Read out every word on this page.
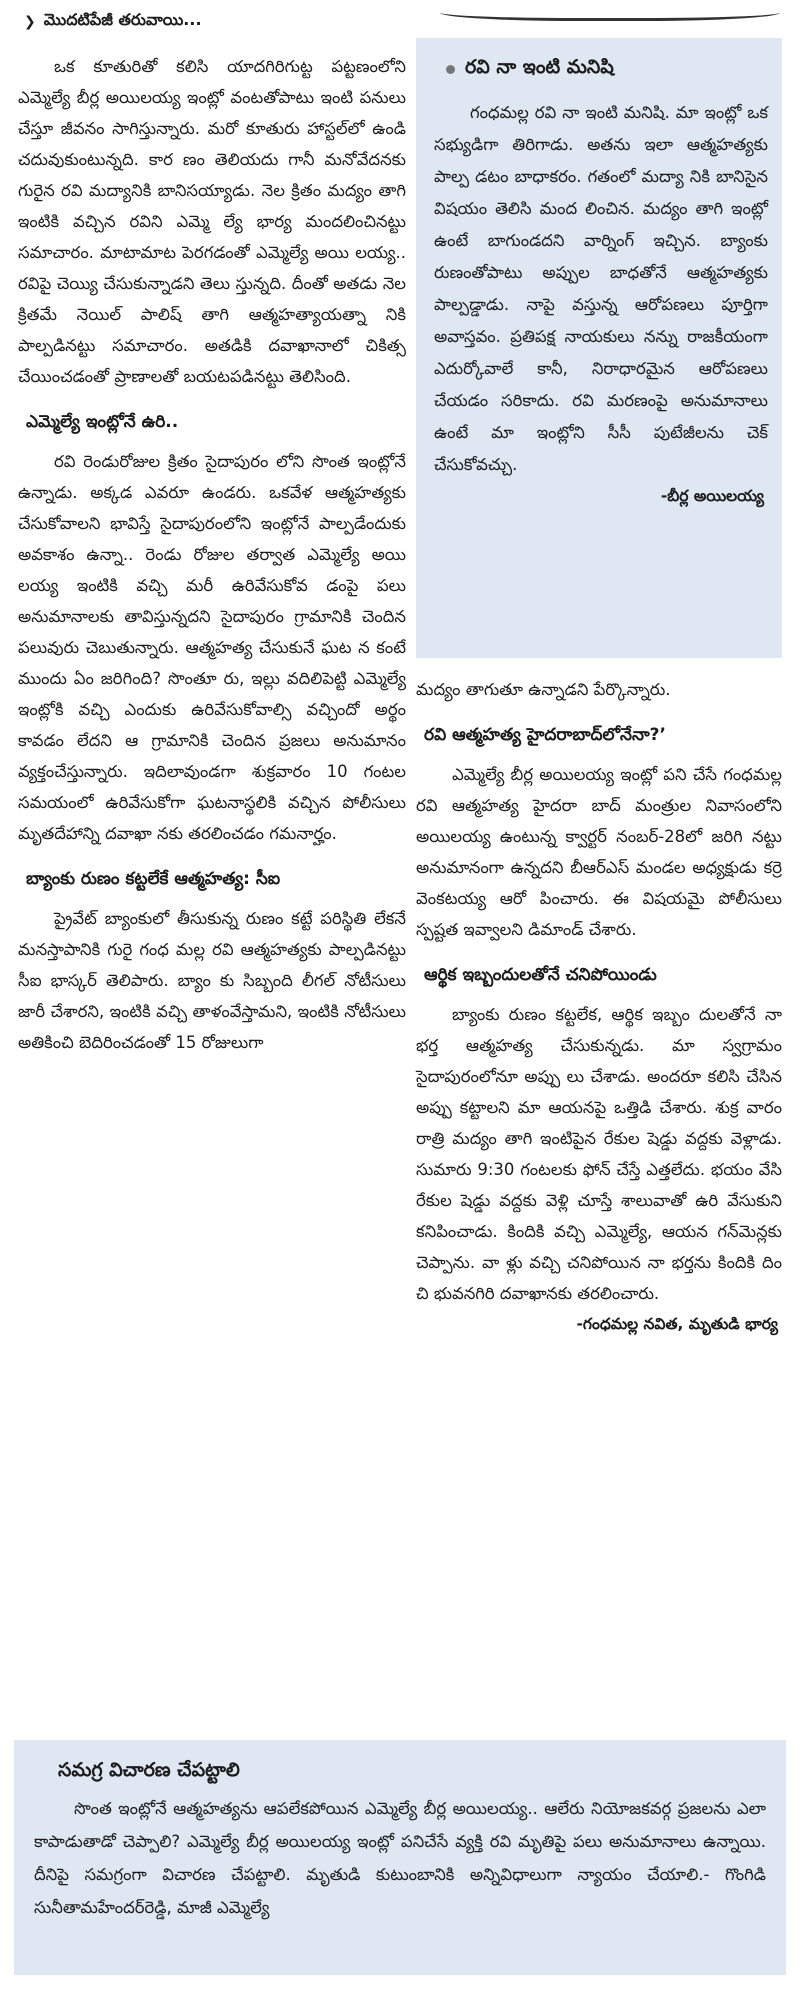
❯ మొదటిపేజీ తరువాయి...

ఒక కూతురితో కలిసి యాదగిరిగుట్ట పట్టణంలోని ఎమ్మెల్యే బీర్ల అయిలయ్య ఇంట్లో వంటతోపాటు ఇంటి పనులు చేస్తూ జీవనం సాగిస్తున్నారు. మరో కూతురు హాస్టల్‌లో ఉండి చదువుకుంటున్నది. కార ణం తెలియదు గానీ మనోవేదనకు గురైన రవి మద్యానికి బానిసయ్యాడు. నెల క్రితం మద్యం తాగి ఇంటికి వచ్చిన రవిని ఎమ్మె ల్యే భార్య మందలించినట్టు సమాచారం. మాటామాట పెరగడంతో ఎమ్మెల్యే అయి లయ్య.. రవిపై చెయ్యి చేసుకున్నాడని తెలు స్తున్నది. దీంతో అతడు నెల క్రితమే నెయిల్ పాలిష్ తాగి ఆత్మహత్యాయత్నా నికి పాల్పడినట్టు సమాచారం. అతడికి దవాఖానాలో చికిత్స చేయించడంతో ప్రాణాలతో బయటపడినట్టు తెలిసింది.

ఎమ్మెల్యే ఇంట్లోనే ఉరి..

రవి రెండురోజుల క్రితం సైదాపురం లోని సొంత ఇంట్లోనే ఉన్నాడు. అక్కడ ఎవరూ ఉండరు. ఒకవేళ ఆత్మహత్యకు చేసుకోవాలని భావిస్తే సైదాపురంలోని ఇంట్లోనే పాల్పడేందుకు అవకాశం ఉన్నా.. రెండు రోజుల తర్వాత ఎమ్మెల్యే అయి లయ్య ఇంటికి వచ్చి మరీ ఉరివేసుకోవ డంపై పలు అనుమానాలకు తావిస్తున్నదని సైదాపురం గ్రామానికి చెందిన పలువురు చెబుతున్నారు. ఆత్మహత్య చేసుకునే ఘట న కంటే ముందు ఏం జరిగింది? సొంతూ రు, ఇల్లు వదిలిపెట్టి ఎమ్మెల్యే ఇంట్లోకి వచ్చి ఎందుకు ఉరివేసుకోవాల్సి వచ్చిందో అర్థం కావడం లేదని ఆ గ్రామానికి చెందిన ప్రజలు అనుమానం వ్యక్తంచేస్తున్నారు. ఇదిలావుండగా శుక్రవారం 10 గంటల సమయంలో ఉరివేసుకోగా ఘటనాస్థలికి వచ్చిన పోలీసులు మృతదేహాన్ని దవాఖా నకు తరలించడం గమనార్హం.

బ్యాంకు రుణం కట్టలేకే ఆత్మహత్య: సీఐ

ప్రైవేట్ బ్యాంకులో తీసుకున్న రుణం కట్టే పరిస్థితి లేకనే మనస్తాపానికి గురై గంధ మల్ల రవి ఆత్మహత్యకు పాల్పడినట్టు సీఐ భాస్కర్ తెలిపారు. బ్యాం కు సిబ్బంది లీగల్ నోటీసులు జారీ చేశారని, ఇంటికి వచ్చి తాళంవేస్తామని, ఇంటికి నోటీసులు అతికించి బెదిరించడంతో 15 రోజులుగా

రవి నా ఇంటి మనిషి

గంధమల్ల రవి నా ఇంటి మనిషి. మా ఇంట్లో ఒక సభ్యుడిగా తిరిగాడు. అతను ఇలా ఆత్మహత్యకు పాల్ప డటం బాధాకరం. గతంలో మద్యా నికి బానిసైన విషయం తెలిసి మంద లించిన. మద్యం తాగి ఇంట్లో ఉంటే బాగుండదని వార్నింగ్ ఇచ్చిన. బ్యాంకు రుణంతోపాటు అప్పుల బాధతోనే ఆత్మహత్యకు పాల్పడ్డాడు. నాపై వస్తున్న ఆరోపణలు పూర్తిగా అవాస్తవం. ప్రతిపక్ష నాయకులు నన్ను రాజకీయంగా ఎదుర్కోవాలే కానీ, నిరాధారమైన ఆరోపణలు చేయడం సరికాదు. రవి మరణంపై అనుమానాలు ఉంటే మా ఇంట్లోని సీసీ పుటేజీలను చెక్ చేసుకోవచ్చు.

-బీర్ల అయిలయ్య

మద్యం తాగుతూ ఉన్నాడని పేర్కొన్నారు.

రవి ఆత్మహత్య హైదరాబాద్‌లోనేనా?’

ఎమ్మెల్యే బీర్ల అయిలయ్య ఇంట్లో పని చేసే గంధమల్ల రవి ఆత్మహత్య హైదరా బాద్ మంత్రుల నివాసంలోని అయిలయ్య ఉంటున్న క్వార్టర్ నంబర్-28లో జరిగి నట్టు అనుమానంగా ఉన్నదని బీఆర్‌ఎస్ మండల అధ్యక్షుడు కర్రె వెంకటయ్య ఆరో పించారు. ఈ విషయమై పోలీసులు స్పష్టత ఇవ్వాలని డిమాండ్ చేశారు.

ఆర్థిక ఇబ్బందులతోనే చనిపోయిండు

బ్యాంకు రుణం కట్టలేక, ఆర్థిక ఇబ్బం దులతోనే నా భర్త ఆత్మహత్య చేసుకున్నడు. మా స్వగ్రామం సైదాపురంలోనూ అప్పు లు చేశాడు. అందరూ కలిసి చేసిన అప్పు కట్టాలని మా ఆయనపై ఒత్తిడి చేశారు. శుక్ర వారం రాత్రి మద్యం తాగి ఇంటిపైన రేకుల షెడ్డు వద్దకు వెళ్లాడు. సుమారు 9:30 గంటలకు ఫోన్ చేస్తే ఎత్తలేదు. భయం వేసి రేకుల షెడ్డు వద్దకు వెళ్లి చూస్తే శాలువాతో ఉరి వేసుకుని కనిపించాడు. కిందికి వచ్చి ఎమ్మెల్యే, ఆయన గన్‌మెన్లకు చెప్పాను. వా ళ్లు వచ్చి చనిపోయిన నా భర్తను కిందికి దిం చి భువనగిరి దవాఖానకు తరలించారు.

-గంధమల్ల నవిత, మృతుడి భార్య
సమగ్ర విచారణ చేపట్టాలి

సొంత ఇంట్లోనే ఆత్మహత్యను ఆపలేకపోయిన ఎమ్మెల్యే బీర్ల అయిలయ్య.. ఆలేరు నియోజకవర్గ ప్రజలను ఎలా కాపాడుతాడో చెప్పాలి? ఎమ్మెల్యే బీర్ల అయిలయ్య ఇంట్లో పనిచేసే వ్యక్తి రవి మృతిపై పలు అనుమానాలు ఉన్నాయి. దీనిపై సమగ్రంగా విచారణ చేపట్టాలి. మృతుడి కుటుంబానికి అన్నివిధాలుగా న్యాయం చేయాలి.- గొంగిడి సునీతామహేందర్‌రెడ్డి, మాజీ ఎమ్మెల్యే
